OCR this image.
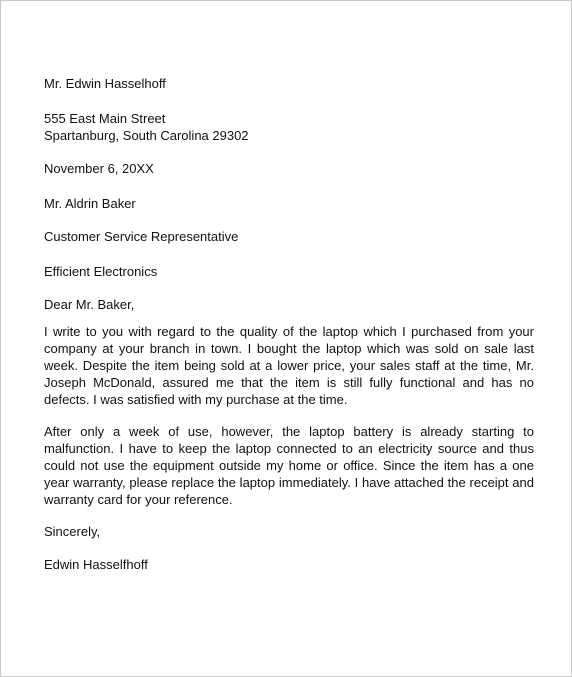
Mr. Edwin Hasselhoff
555 East Main Street
Spartanburg, South Carolina 29302
November 6, 20XX
Mr. Aldrin Baker
Customer Service Representative
Efficient Electronics
Dear Mr. Baker,
I write to you with regard to the quality of the laptop which I purchased from your company at your branch in town. I bought the laptop which was sold on sale last week. Despite the item being sold at a lower price, your sales staff at the time, Mr. Joseph McDonald, assured me that the item is still fully functional and has no defects. I was satisfied with my purchase at the time.
After only a week of use, however, the laptop battery is already starting to malfunction. I have to keep the laptop connected to an electricity source and thus could not use the equipment outside my home or office. Since the item has a one year warranty, please replace the laptop immediately. I have attached the receipt and warranty card for your reference.
Sincerely,
Edwin Hasselfhoff
